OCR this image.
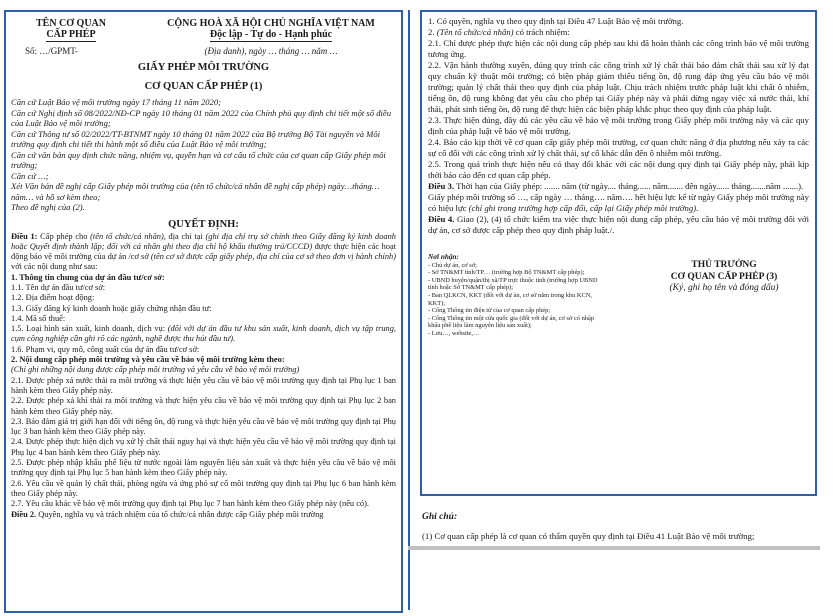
TÊN CƠ QUAN
CẤP PHÉP
CỘNG HOÀ XÃ HỘI CHỦ NGHĨA VIỆT NAM
Độc lập - Tự do - Hạnh phúc
Số: …/GPMT-	(Địa danh), ngày … tháng … năm …
GIẤY PHÉP MÔI TRƯỜNG
CƠ QUAN CẤP PHÉP (1)

Căn cứ Luật Bảo vệ môi trường ngày 17 tháng 11 năm 2020;

Căn cứ Nghị định số 08/2022/NĐ-CP ngày 10 tháng 01 năm 2022 của Chính phủ quy định chi tiết một số điều của Luật Bảo vệ môi trường;

Căn cứ Thông tư số 02/2022/TT-BTNMT ngày 10 tháng 01 năm 2022 của Bộ trưởng Bộ Tài nguyên và Môi trường quy định chi tiết thi hành một số điều của Luật Bảo vệ môi trường;

Căn cứ văn bản quy định chức năng, nhiệm vụ, quyền hạn và cơ cấu tổ chức của cơ quan cấp Giấy phép môi trường;

Căn cứ …;

Xét Văn bản đề nghị cấp Giấy phép môi trường của (tên tổ chức/cá nhân đề nghị cấp phép) ngày…tháng… năm… và hồ sơ kèm theo;

Theo đề nghị của (2).

QUYẾT ĐỊNH:

Điều 1: Cấp phép cho (tên tổ chức/cá nhân), địa chỉ tại (ghi địa chỉ trụ sở chính theo Giấy đăng ký kinh doanh hoặc Quyết định thành lập; đối với cá nhân ghi theo địa chỉ hộ khẩu thường trú/CCCD) được thực hiện các hoạt động bảo vệ môi trường của dự án /cơ sở (tên cơ sở được cấp giấy phép, địa chỉ của cơ sở theo đơn vị hành chính) với các nội dung như sau:

1. Thông tin chung của dự án đầu tư/cơ sở:

1.1. Tên dự án đầu tư/cơ sở:

1.2. Địa điểm hoạt động:

1.3. Giấy đăng ký kinh doanh hoặc giấy chứng nhận đầu tư:

1.4. Mã số thuế:

1.5. Loại hình sản xuất, kinh doanh, dịch vụ: (đối với dự án đầu tư khu sản xuất, kinh doanh, dịch vụ tập trung, cụm công nghiệp cần ghi rõ các ngành, nghề được thu hút đầu tư).

1.6. Phạm vi, quy mô, công suất của dự án đầu tư/cơ sở:

2. Nội dung cấp phép môi trường và yêu cầu về bảo vệ môi trường kèm theo:

(Chỉ ghi những nội dung được cấp phép môi trường và yêu cầu về bảo vệ môi trường)

2.1. Được phép xả nước thải ra môi trường và thực hiện yêu cầu về bảo vệ môi trường quy định tại Phụ lục 1 ban hành kèm theo Giấy phép này.

2.2. Được phép xả khí thải ra môi trường và thực hiện yêu cầu về bảo vệ môi trường quy định tại Phụ lục 2 ban hành kèm theo Giấy phép này.

2.3. Bảo đảm giá trị giới hạn đối với tiếng ồn, độ rung và thực hiện yêu cầu về bảo vệ môi trường quy định tại Phụ lục 3 ban hành kèm theo Giấy phép này.

2.4. Được phép thực hiện dịch vụ xử lý chất thải nguy hại và thực hiện yêu cầu về bảo vệ môi trường quy định tại Phụ lục 4 ban hành kèm theo Giấy phép này.

2.5. Được phép nhập khẩu phế liệu từ nước ngoài làm nguyên liệu sản xuất và thực hiện yêu cầu về bảo vệ môi trường quy định tại Phụ lục 5 ban hành kèm theo Giấy phép này.

2.6. Yêu cầu về quản lý chất thải, phòng ngừa và ứng phó sự cố môi trường quy định tại Phụ lục 6 ban hành kèm theo Giấy phép này.

2.7. Yêu cầu khác về bảo vệ môi trường quy định tại Phụ lục 7 ban hành kèm theo Giấy phép này (nếu có).

Điều 2. Quyền, nghĩa vụ và trách nhiệm của tổ chức/cá nhân được cấp Giấy phép môi trường

1. Có quyền, nghĩa vụ theo quy định tại Điều 47 Luật Bảo vệ môi trường.

2. (Tên tổ chức/cá nhân) có trách nhiệm:

2.1. Chỉ được phép thực hiện các nội dung cấp phép sau khi đã hoàn thành các công trình bảo vệ môi trường tương ứng.

2.2. Vận hành thường xuyên, đúng quy trình các công trình xử lý chất thải bảo đảm chất thải sau xử lý đạt quy chuẩn kỹ thuật môi trường; có biện pháp giảm thiểu tiếng ồn, độ rung đáp ứng yêu cầu bảo vệ môi trường; quản lý chất thải theo quy định của pháp luật. Chịu trách nhiệm trước pháp luật khi chất ô nhiễm, tiếng ồn, độ rung không đạt yêu cầu cho phép tại Giấy phép này và phải dừng ngay việc xả nước thải, khí thải, phát sinh tiếng ồn, độ rung để thực hiện các biện pháp khắc phục theo quy định của pháp luật.

2.3. Thực hiện đúng, đầy đủ các yêu cầu về bảo vệ môi trường trong Giấy phép môi trường này và các quy định của pháp luật về bảo vệ môi trường.

2.4. Báo cáo kịp thời về cơ quan cấp giấy phép môi trường, cơ quan chức năng ở địa phương nếu xảy ra các sự cố đối với các công trình xử lý chất thải, sự cố khác dẫn đến ô nhiễm môi trường.

2.5. Trong quá trình thực hiện nếu có thay đổi khác với các nội dung quy định tại Giấy phép này, phải kịp thời báo cáo đến cơ quan cấp phép.

Điều 3. Thời hạn của Giấy phép: ....... năm (từ ngày.... tháng...... năm....... đến ngày...... tháng.......năm .......).

Giấy phép môi trường số …, cấp ngày … tháng…. năm…. hết hiệu lực kể từ ngày Giấy phép môi trường này có hiệu lực (chỉ ghi trong trường hợp cấp đổi, cấp lại Giấy phép môi trường).

Điều 4. Giao (2), (4) tổ chức kiểm tra việc thực hiện nội dung cấp phép, yêu cầu bảo vệ môi trường đối với dự án, cơ sở được cấp phép theo quy định pháp luật./.

Nơi nhận:
- Chủ dự án, cơ sở;
- Sở TN&MT tỉnh/TP… (trường hợp Bộ TN&MT cấp phép);
- UBND huyện/quận/thị xã/TP trực thuộc tỉnh (trường hợp UBND tỉnh hoặc Sở TN&MT cấp phép);
- Ban QLKCN, KKT (đối với dự án, cơ sở nằm trong khu KCN, KKT);
- Cổng Thông tin điện tử của cơ quan cấp phép;
- Cổng Thông tin một cửa quốc gia (đối với dự án, cơ sở có nhập khẩu phế liệu làm nguyên liệu sản xuất);
- Lưu…, website,…
THỦ TRƯỞNG
CƠ QUAN CẤP PHÉP (3)
(Ký, ghi họ tên và đóng dấu)
Ghi chú:
(1) Cơ quan cấp phép là cơ quan có thẩm quyền quy định tại Điều 41 Luật Bảo vệ môi trường;
